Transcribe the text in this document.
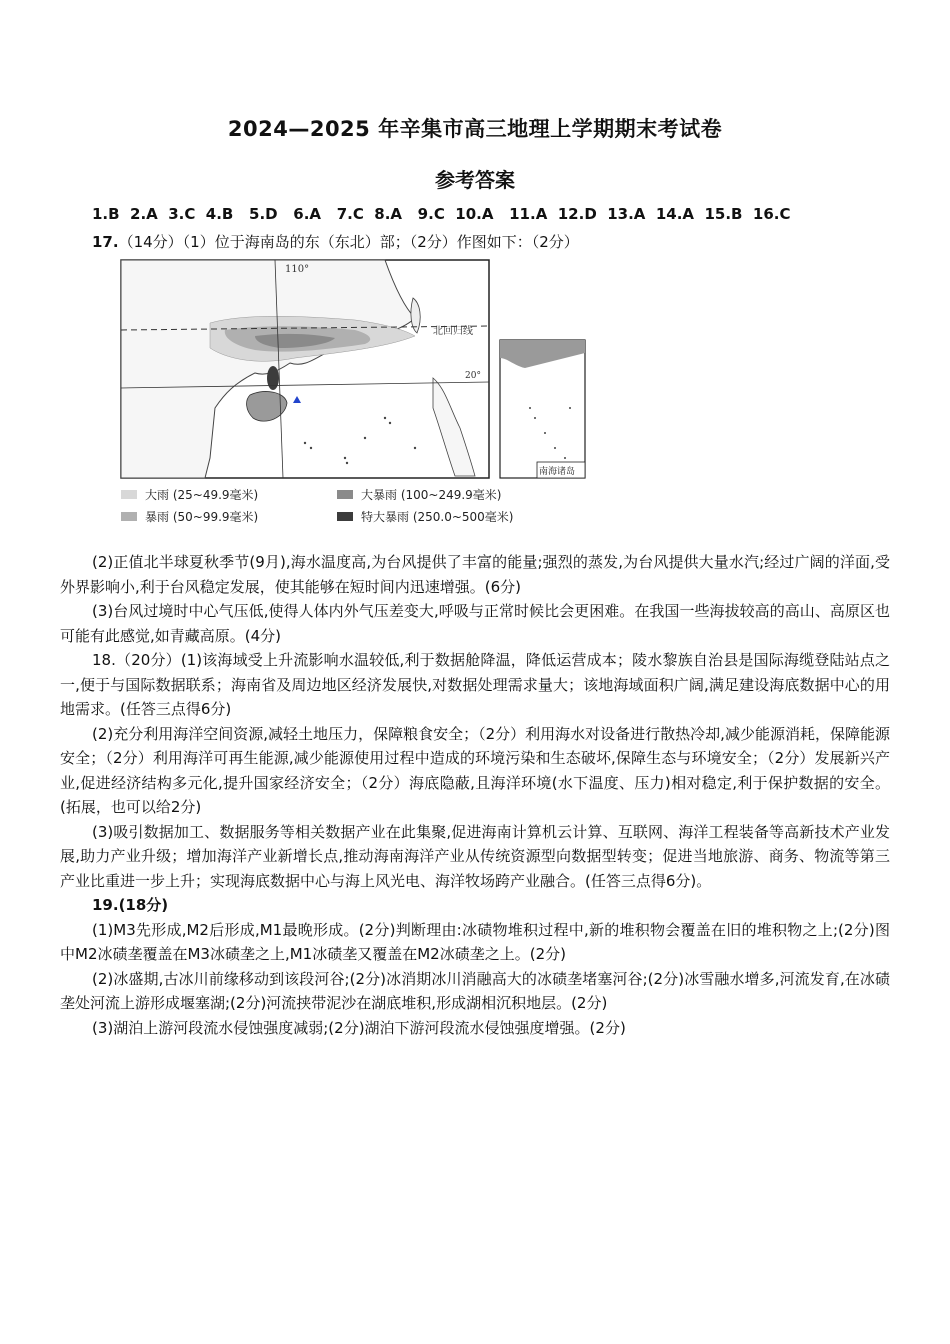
2024—2025 年辛集市高三地理上学期期末考试卷
参考答案
1.B  2.A  3.C  4.B   5.D   6.A   7.C  8.A   9.C  10.A   11.A  12.D  13.A  14.A  15.B  16.C
17.（14分）（1）位于海南岛的东（东北）部；（2分）作图如下：（2分）
110°
北回归线
20°
南海诸岛
大雨 (25~49.9毫米)	大暴雨 (100~249.9毫米)
暴雨 (50~99.9毫米)	特大暴雨 (250.0~500毫米)

(2)正值北半球夏秋季节(9月),海水温度高,为台风提供了丰富的能量;强烈的蒸发,为台风提供大量水汽;经过广阔的洋面,受外界影响小,利于台风稳定发展，使其能够在短时间内迅速增强。(6分)

(3)台风过境时中心气压低,使得人体内外气压差变大,呼吸与正常时候比会更困难。在我国一些海拔较高的高山、高原区也可能有此感觉,如青藏高原。(4分)

18.（20分）(1)该海域受上升流影响水温较低,利于数据舱降温，降低运营成本；陵水黎族自治县是国际海缆登陆站点之一,便于与国际数据联系；海南省及周边地区经济发展快,对数据处理需求量大；该地海域面积广阔,满足建设海底数据中心的用地需求。(任答三点得6分)

(2)充分利用海洋空间资源,减轻土地压力，保障粮食安全；（2分）利用海水对设备进行散热冷却,减少能源消耗，保障能源安全；（2分）利用海洋可再生能源,减少能源使用过程中造成的环境污染和生态破坏,保障生态与环境安全；（2分）发展新兴产业,促进经济结构多元化,提升国家经济安全；（2分）海底隐蔽,且海洋环境(水下温度、压力)相对稳定,利于保护数据的安全。(拓展，也可以给2分)

(3)吸引数据加工、数据服务等相关数据产业在此集聚,促进海南计算机云计算、互联网、海洋工程装备等高新技术产业发展,助力产业升级；增加海洋产业新增长点,推动海南海洋产业从传统资源型向数据型转变；促进当地旅游、商务、物流等第三产业比重进一步上升；实现海底数据中心与海上风光电、海洋牧场跨产业融合。(任答三点得6分)。

19.(18分)

(1)M3先形成,M2后形成,M1最晚形成。(2分)判断理由:冰碛物堆积过程中,新的堆积物会覆盖在旧的堆积物之上;(2分)图中M2冰碛垄覆盖在M3冰碛垄之上,M1冰碛垄又覆盖在M2冰碛垄之上。(2分)

(2)冰盛期,古冰川前缘移动到该段河谷;(2分)冰消期冰川消融高大的冰碛垄堵塞河谷;(2分)冰雪融水增多,河流发育,在冰碛垄处河流上游形成堰塞湖;(2分)河流挟带泥沙在湖底堆积,形成湖相沉积地层。(2分)

(3)湖泊上游河段流水侵蚀强度减弱;(2分)湖泊下游河段流水侵蚀强度增强。(2分)
